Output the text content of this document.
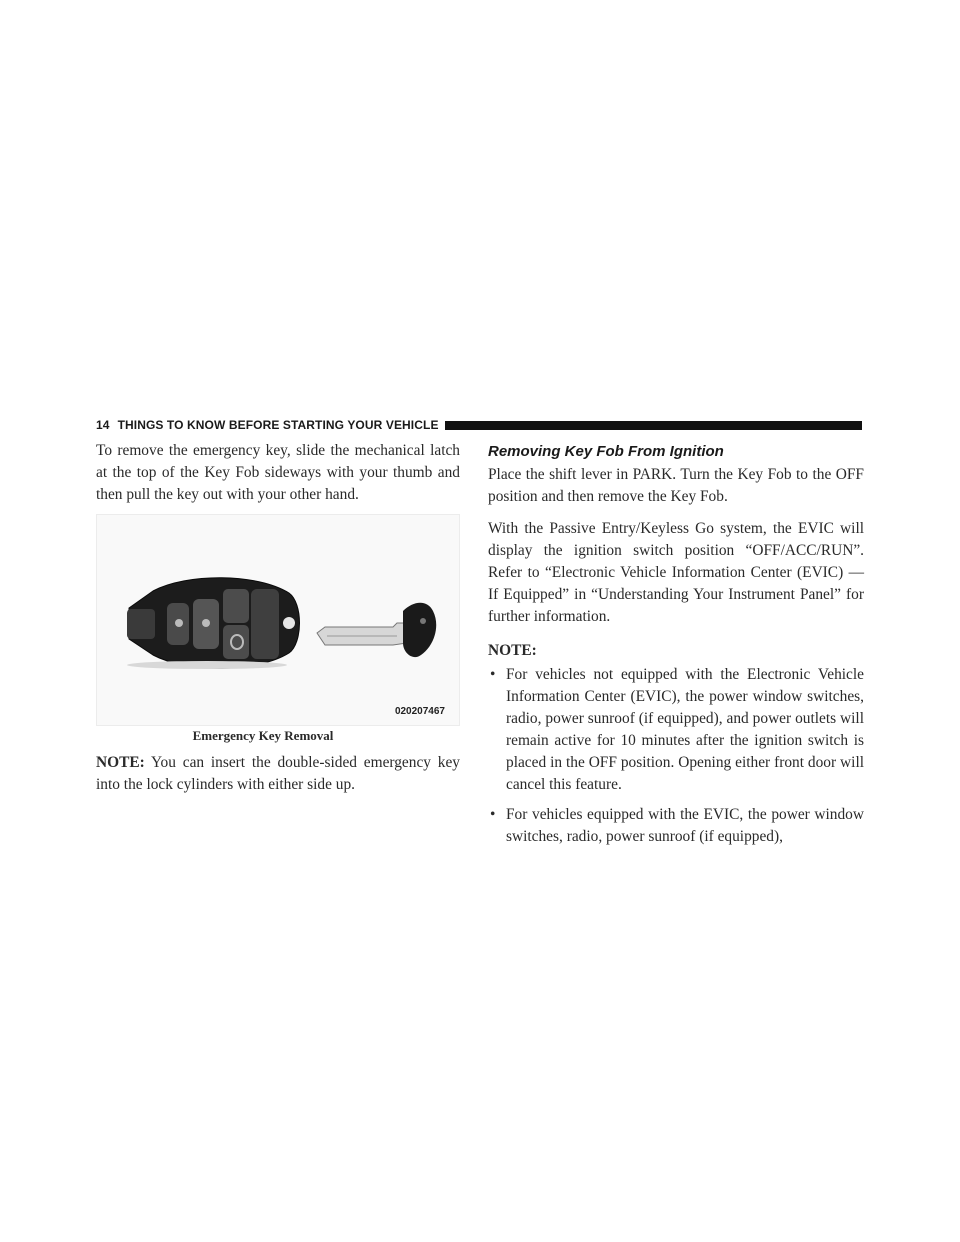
14 THINGS TO KNOW BEFORE STARTING YOUR VEHICLE

To remove the emergency key, slide the mechanical latch at the top of the Key Fob sideways with your thumb and then pull the key out with your other hand.

020207467
Emergency Key Removal

NOTE: You can insert the double-sided emergency key into the lock cylinders with either side up.

Removing Key Fob From Ignition

Place the shift lever in PARK. Turn the Key Fob to the OFF position and then remove the Key Fob.

With the Passive Entry/Keyless Go system, the EVIC will display the ignition switch position “OFF/ACC/RUN”. Refer to “Electronic Vehicle Information Center (EVIC) — If Equipped” in “Understanding Your Instrument Panel” for further information.

NOTE:
• For vehicles not equipped with the Electronic Vehicle Information Center (EVIC), the power window switches, radio, power sunroof (if equipped), and power outlets will remain active for 10 minutes after the ignition switch is placed in the OFF position. Opening either front door will cancel this feature.
• For vehicles equipped with the EVIC, the power window switches, radio, power sunroof (if equipped),
